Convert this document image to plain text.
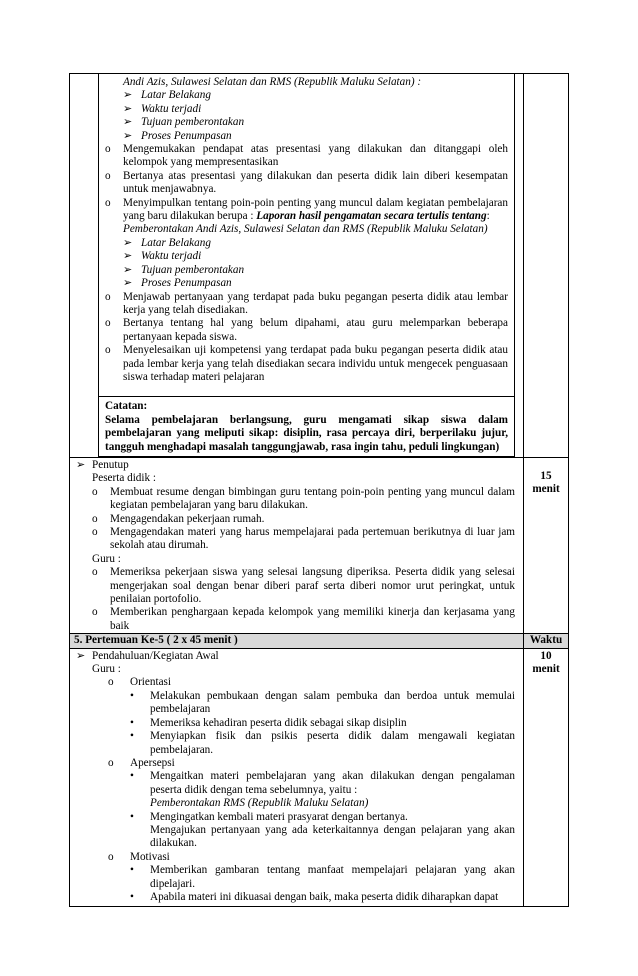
Andi Azis, Sulawesi Selatan dan RMS (Republik Maluku Selatan) :
➢
Latar Belakang
➢
Waktu terjadi
➢
Tujuan pemberontakan
➢
Proses Penumpasan
o	Mengemukakan pendapat atas presentasi yang dilakukan dan ditanggapi oleh kelompok yang mempresentasikan
o	Bertanya atas presentasi yang dilakukan dan peserta didik lain diberi kesempatan untuk menjawabnya.
o	Menyimpulkan tentang poin-poin penting yang muncul dalam kegiatan pembelajaran yang baru dilakukan berupa : Laporan hasil pengamatan secara tertulis tentang:
Pemberontakan Andi Azis, Sulawesi Selatan dan RMS (Republik Maluku Selatan)
➢
Latar Belakang
➢
Waktu terjadi
➢
Tujuan pemberontakan
➢
Proses Penumpasan
o	Menjawab pertanyaan yang terdapat pada buku pegangan peserta didik atau lembar kerja yang telah disediakan.
o	Bertanya tentang hal yang belum dipahami, atau guru melemparkan beberapa pertanyaan kepada siswa.
o	Menyelesaikan uji kompetensi yang terdapat pada buku pegangan peserta didik atau pada lembar kerja yang telah disediakan secara individu untuk mengecek penguasaan siswa terhadap materi pelajaran
Catatan:
Selama pembelajaran berlangsung, guru mengamati sikap siswa dalam pembelajaran yang meliputi sikap: disiplin, rasa percaya diri, berperilaku jujur, tangguh menghadapi masalah tanggungjawab, rasa ingin tahu, peduli lingkungan)
➢
Penutup
Peserta didik :
o	Membuat resume dengan bimbingan guru tentang poin-poin penting yang muncul dalam kegiatan pembelajaran yang baru dilakukan.
o	Mengagendakan pekerjaan rumah.
o	Mengagendakan materi yang harus mempelajarai pada pertemuan berikutnya di luar jam sekolah atau dirumah.
Guru :
o	Memeriksa pekerjaan siswa yang selesai langsung diperiksa. Peserta didik yang selesai mengerjakan soal dengan benar diberi paraf serta diberi nomor urut peringkat, untuk penilaian portofolio.
o	Memberikan penghargaan kepada kelompok yang memiliki kinerja dan kerjasama yang baik
15
menit
5. Pertemuan Ke-5 ( 2 x 45 menit )	Waktu
➢
Pendahuluan/Kegiatan Awal
Guru :
o	Orientasi
•	Melakukan pembukaan dengan salam pembuka dan berdoa untuk memulai pembelajaran
•	Memeriksa kehadiran peserta didik sebagai sikap disiplin
•	Menyiapkan fisik dan psikis peserta didik dalam mengawali kegiatan pembelajaran.
o	Apersepsi
•	Mengaitkan materi pembelajaran yang akan dilakukan dengan pengalaman peserta didik dengan tema sebelumnya, yaitu :
Pemberontakan RMS (Republik Maluku Selatan)
•	Mengingatkan kembali materi prasyarat dengan bertanya.
Mengajukan pertanyaan yang ada keterkaitannya dengan pelajaran yang akan dilakukan.
o	Motivasi
•	Memberikan gambaran tentang manfaat mempelajari pelajaran yang akan dipelajari.
•	Apabila materi ini dikuasai dengan baik, maka peserta didik diharapkan dapat
10
menit
